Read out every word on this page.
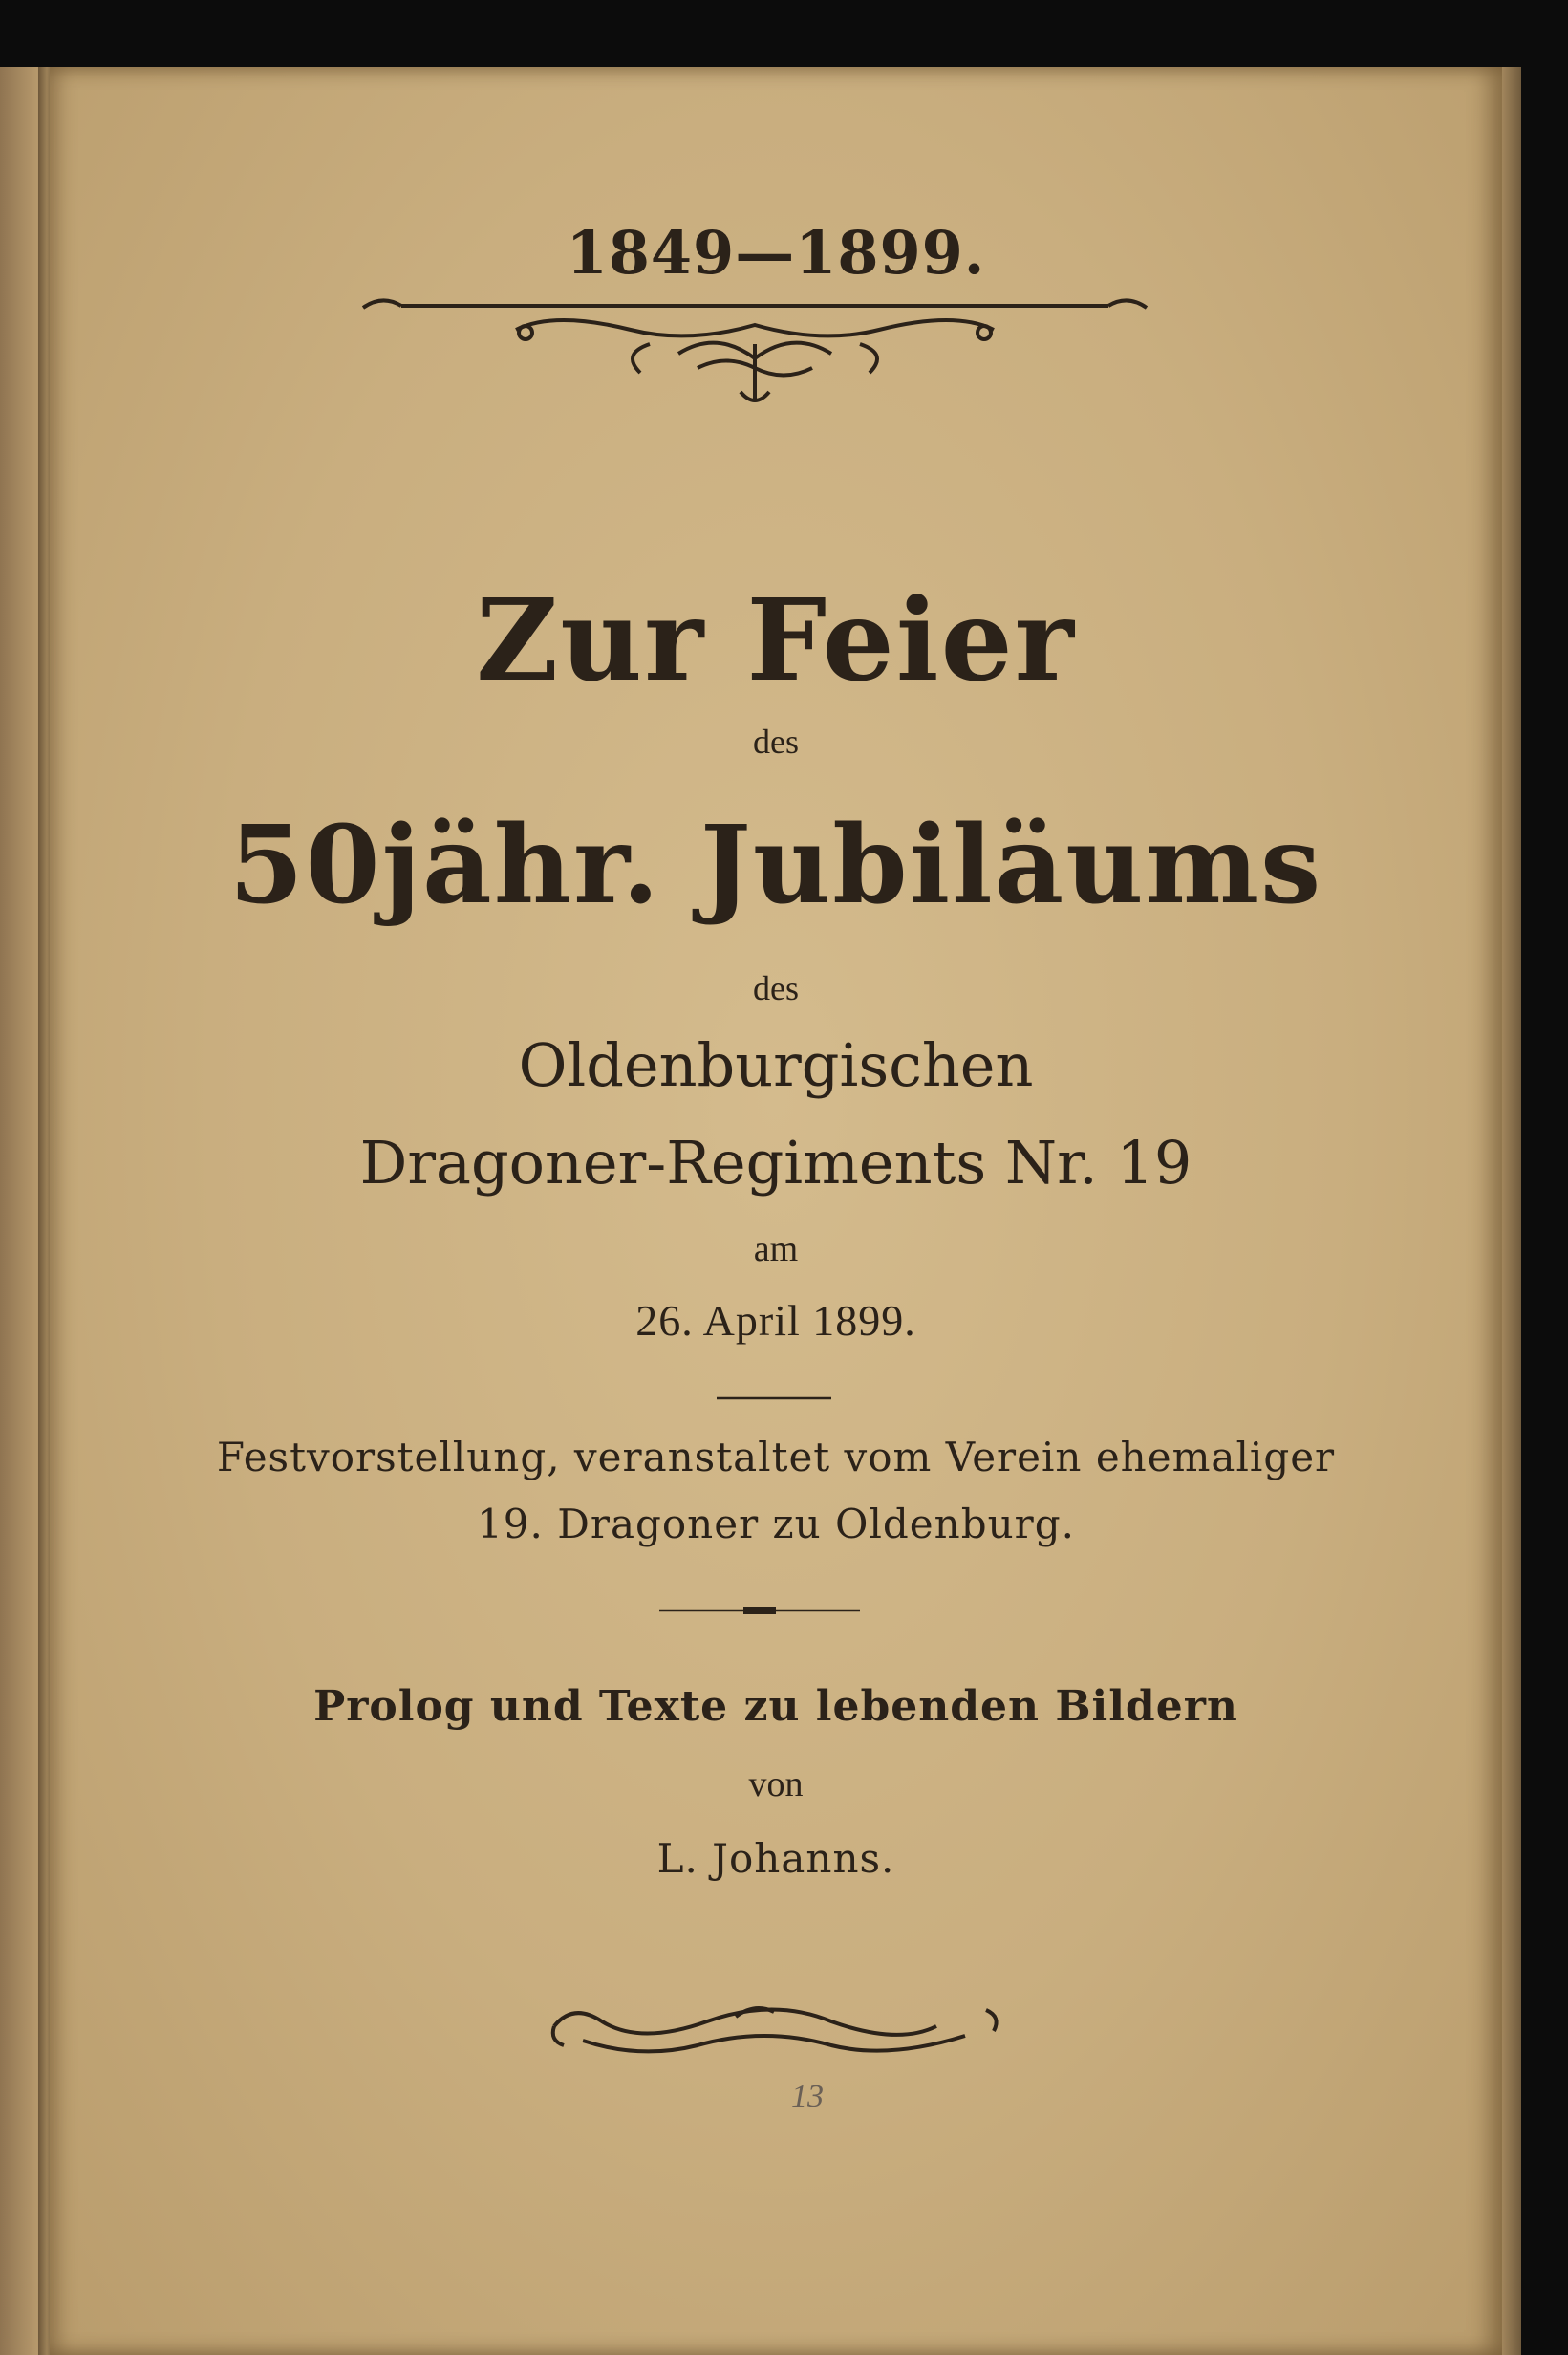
1849—1899.
Zur Feier
des
50jähr. Jubiläums
des
Oldenburgischen
Dragoner-Regiments Nr. 19
am
26. April 1899.
Festvorstellung, veranstaltet vom Verein ehemaliger
19. Dragoner zu Oldenburg.
Prolog und Texte zu lebenden Bildern
von
L. Johanns.
13
